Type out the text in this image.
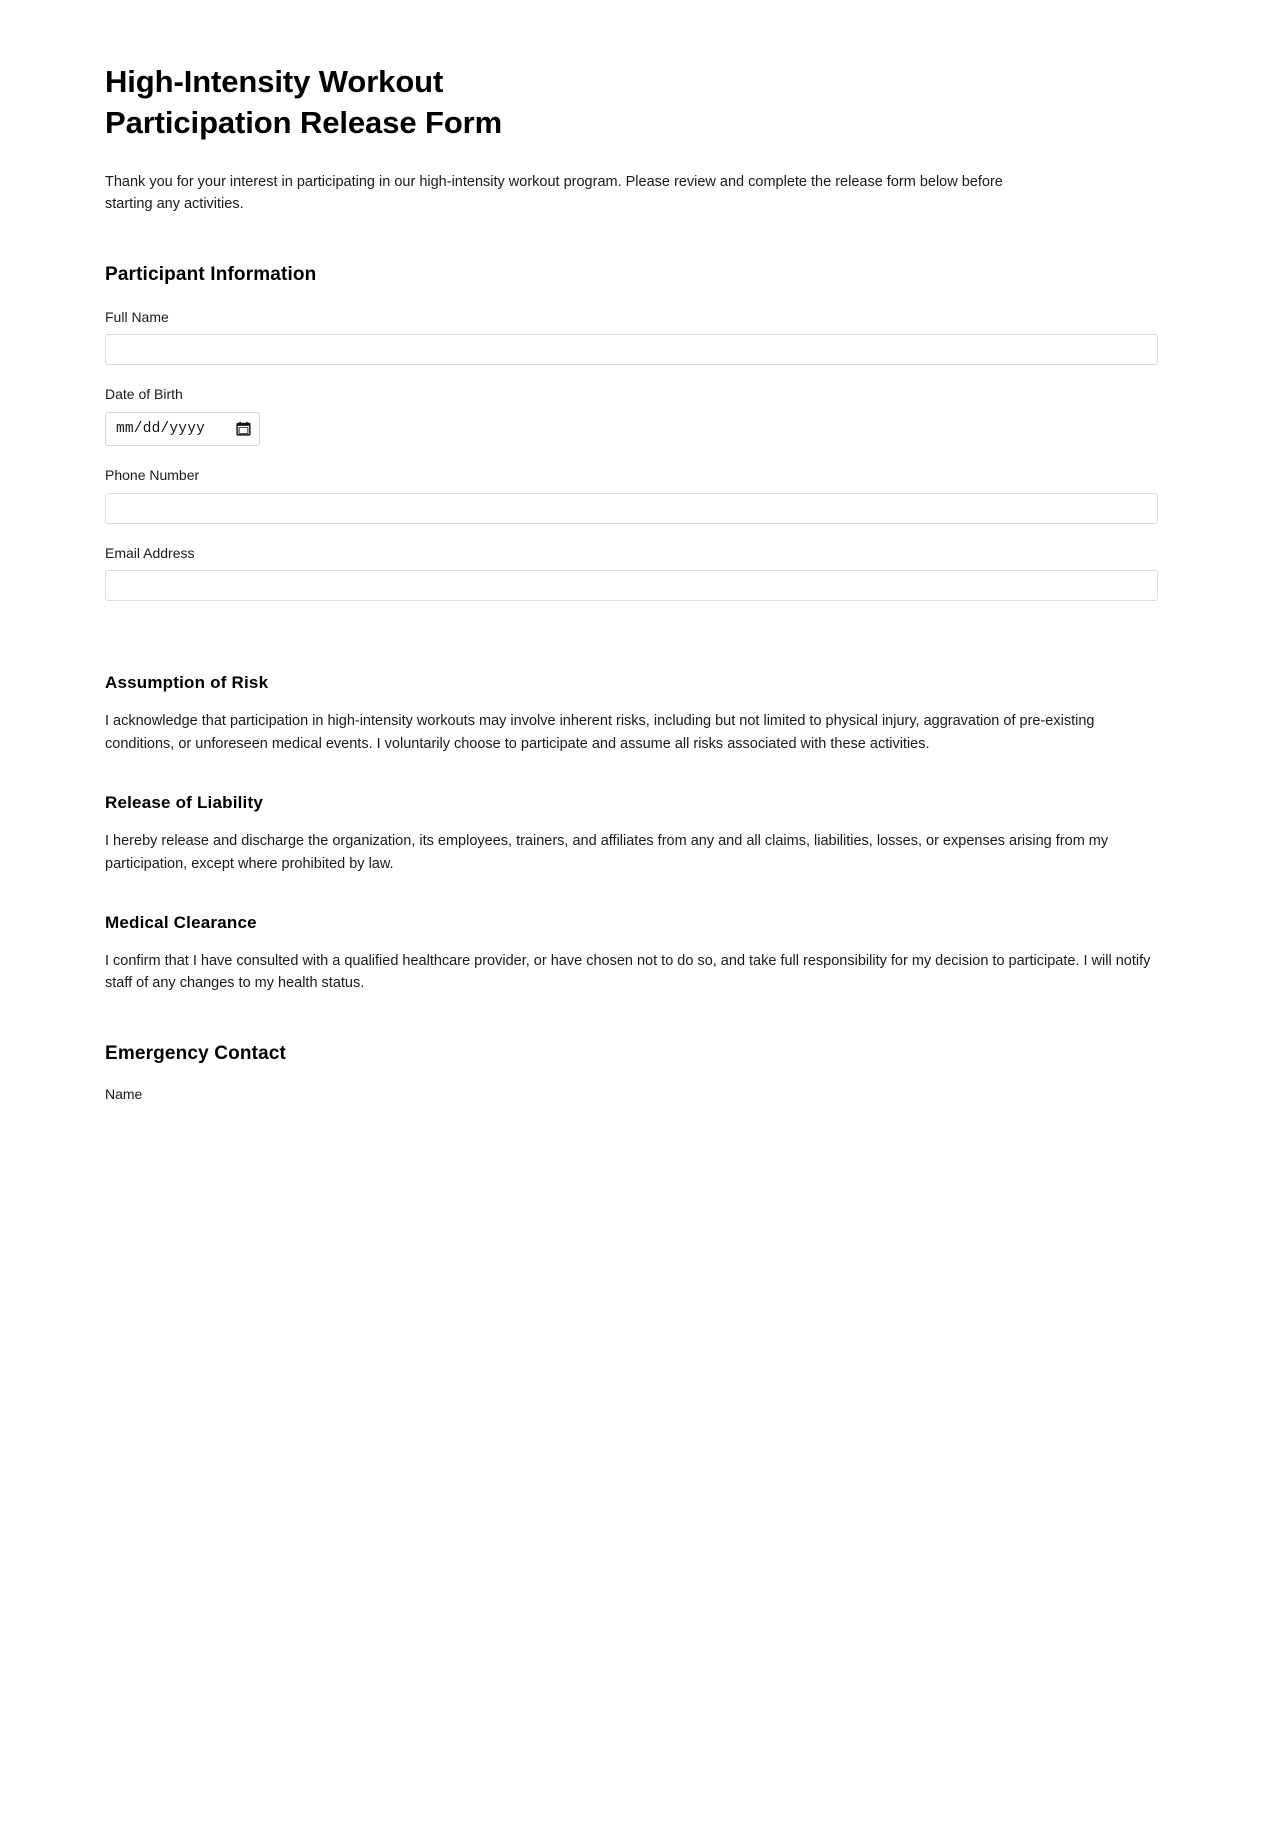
High-Intensity Workout
Participation Release Form

Thank you for your interest in participating in our high-intensity workout program. Please review and complete the release form below before starting any activities.

Participant Information
Full Name
Date of Birth
mm/dd/yyyy
Phone Number
Email Address
Assumption of Risk

I acknowledge that participation in high-intensity workouts may involve inherent risks, including but not limited to physical injury, aggravation of pre-existing conditions, or unforeseen medical events. I voluntarily choose to participate and assume all risks associated with these activities.

Release of Liability

I hereby release and discharge the organization, its employees, trainers, and affiliates from any and all claims, liabilities, losses, or expenses arising from my participation, except where prohibited by law.

Medical Clearance

I confirm that I have consulted with a qualified healthcare provider, or have chosen not to do so, and take full responsibility for my decision to participate. I will notify staff of any changes to my health status.

Emergency Contact
Name
